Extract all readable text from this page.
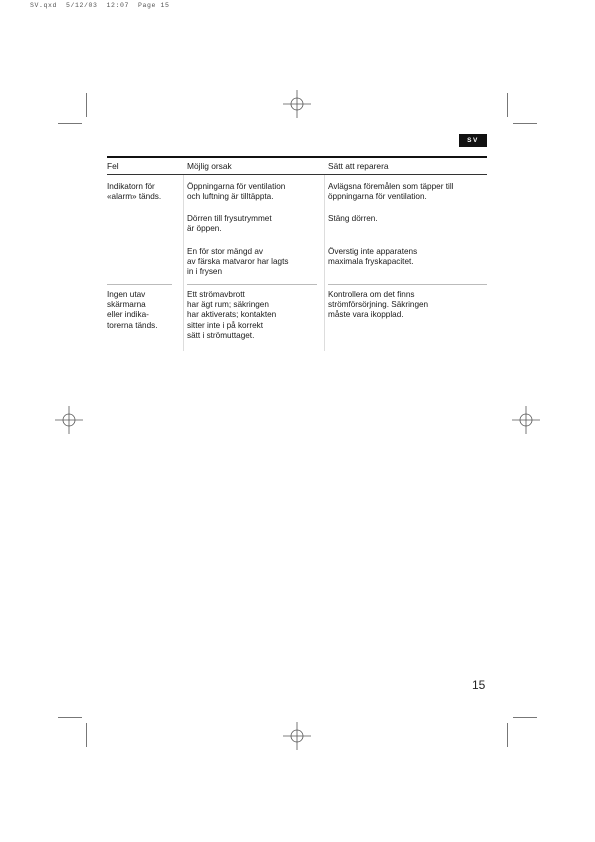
SV.qxd  5/12/03  12:07  Page 15
SV
Fel	Möjlig orsak	Sätt att reparera
Indikatorn för
«alarm» tänds.
Öppningarna för ventilation
och luftning är tilltäppta.
Dörren till frysutrymmet
är öppen.
En för stor mängd av
av färska matvaror har lagts
in i frysen
Avlägsna föremålen som täpper till
öppningarna för ventilation.
Stäng dörren.
Överstig inte apparatens
maximala fryskapacitet.
Ingen utav
skärmarna
eller indika-
torerna tänds.
Ett strömavbrott
har ägt rum; säkringen
har aktiverats; kontakten
sitter inte i på korrekt
sätt i strömuttaget.
Kontrollera om det finns
strömförsörjning. Säkringen
måste vara ikopplad.
15
